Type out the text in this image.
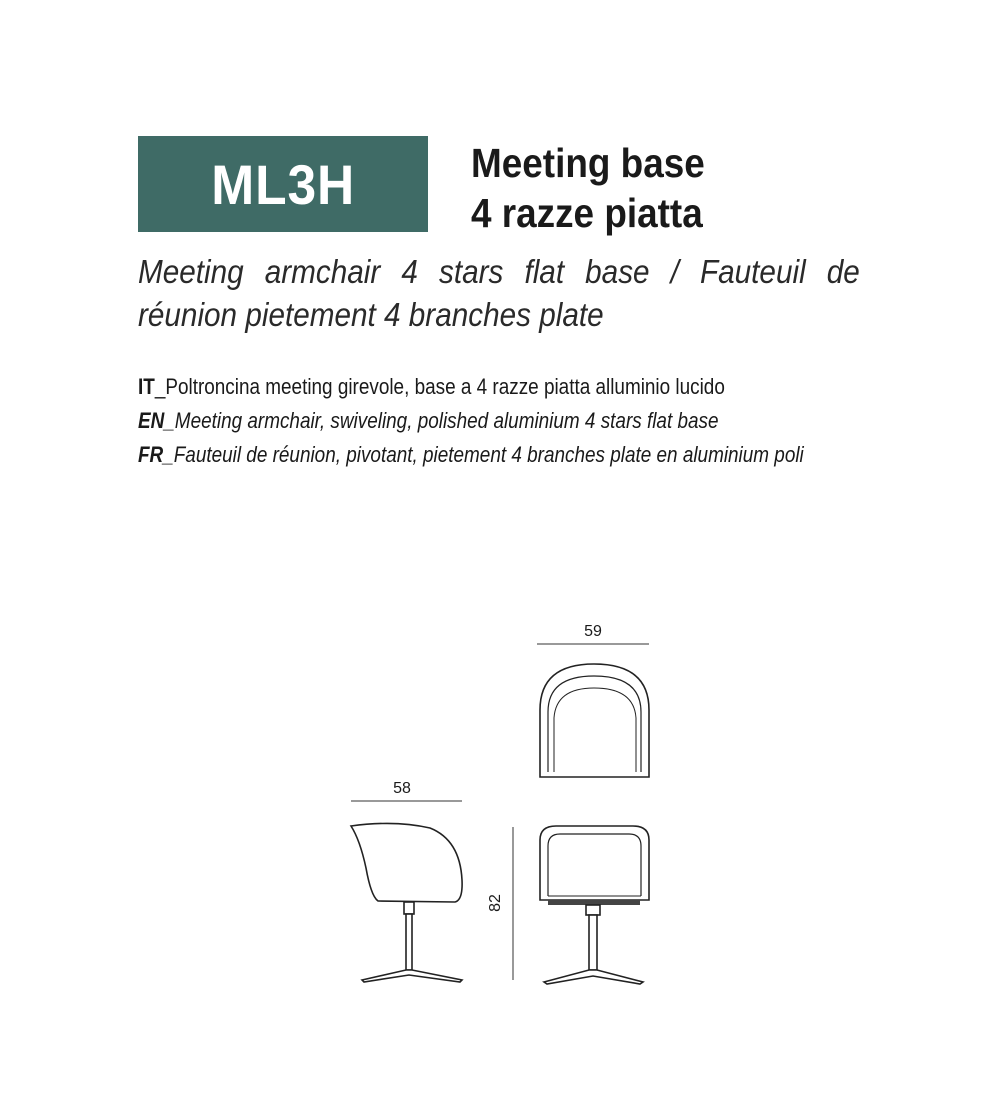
ML3H	Meeting base
4 razze piatta
Meeting armchair 4 stars flat base / Fauteuil de réunion pietement 4 branches plate
IT_Poltroncina meeting girevole, base a 4 razze piatta alluminio lucido
EN_Meeting armchair, swiveling, polished aluminium 4 stars flat base
FR_Fauteuil de réunion, pivotant, pietement 4 branches plate en aluminium poli
59
58
82
